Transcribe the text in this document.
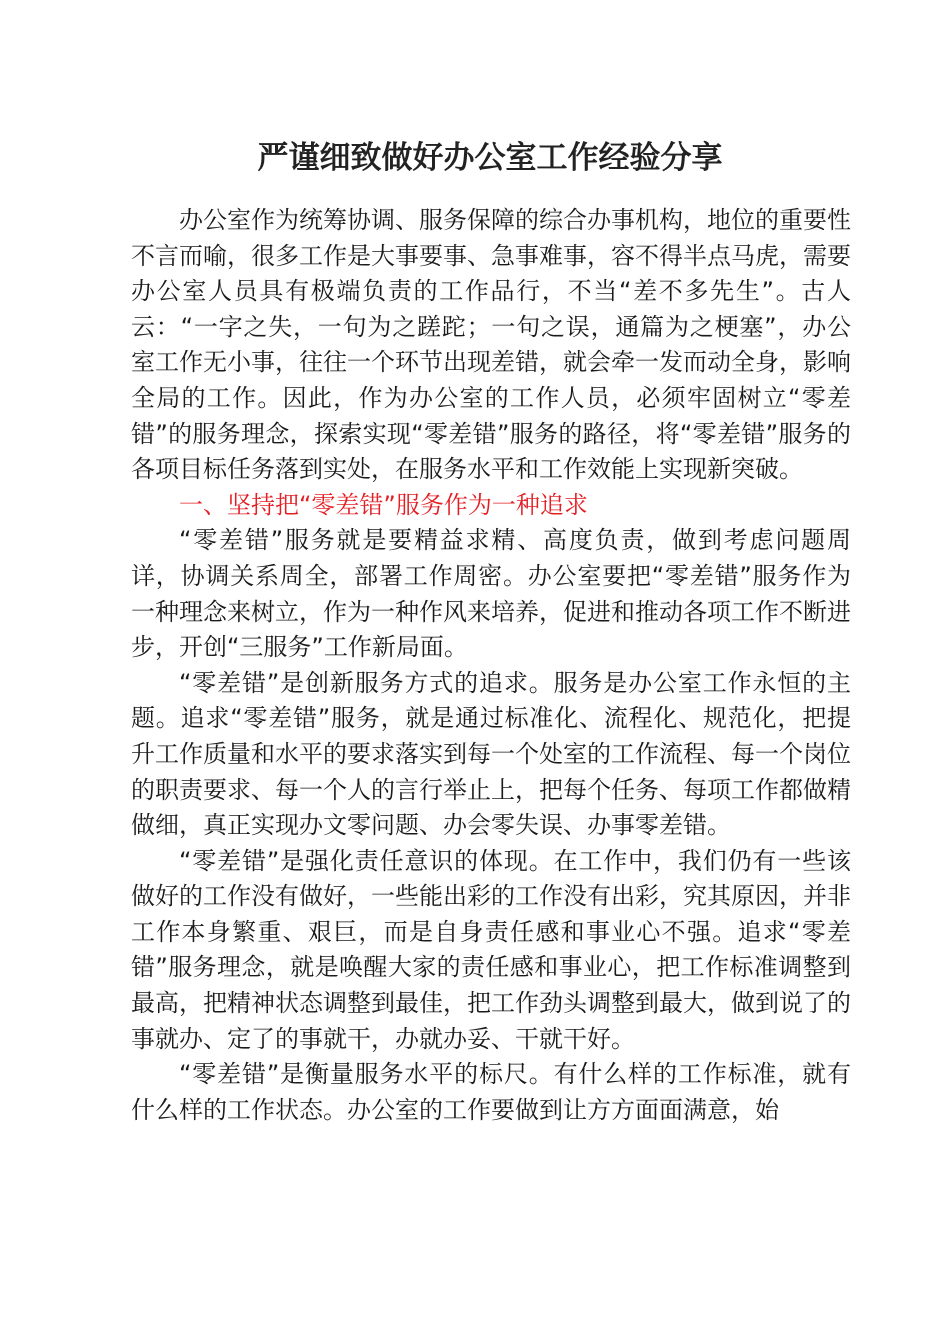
严谨细致做好办公室工作经验分享

办公室作为统筹协调、服务保障的综合办事机构，地位的重要性不言而喻，很多工作是大事要事、急事难事，容不得半点马虎，需要办公室人员具有极端负责的工作品行，不当“差不多先生”。古人云：“一字之失，一句为之蹉跎；一句之误，通篇为之梗塞”，办公室工作无小事，往往一个环节出现差错，就会牵一发而动全身，影响全局的工作。因此，作为办公室的工作人员，必须牢固树立“零差错”的服务理念，探索实现“零差错”服务的路径，将“零差错”服务的各项目标任务落到实处，在服务水平和工作效能上实现新突破。

一、坚持把“零差错”服务作为一种追求

“零差错”服务就是要精益求精、高度负责，做到考虑问题周详，协调关系周全，部署工作周密。办公室要把“零差错”服务作为一种理念来树立，作为一种作风来培养，促进和推动各项工作不断进步，开创“三服务”工作新局面。

“零差错”是创新服务方式的追求。服务是办公室工作永恒的主题。追求“零差错”服务，就是通过标准化、流程化、规范化，把提升工作质量和水平的要求落实到每一个处室的工作流程、每一个岗位的职责要求、每一个人的言行举止上，把每个任务、每项工作都做精做细，真正实现办文零问题、办会零失误、办事零差错。

“零差错”是强化责任意识的体现。在工作中，我们仍有一些该做好的工作没有做好，一些能出彩的工作没有出彩，究其原因，并非工作本身繁重、艰巨，而是自身责任感和事业心不强。追求“零差错”服务理念，就是唤醒大家的责任感和事业心，把工作标准调整到最高，把精神状态调整到最佳，把工作劲头调整到最大，做到说了的事就办、定了的事就干，办就办妥、干就干好。

“零差错”是衡量服务水平的标尺。有什么样的工作标准，就有什么样的工作状态。办公室的工作要做到让方方面面满意，始
